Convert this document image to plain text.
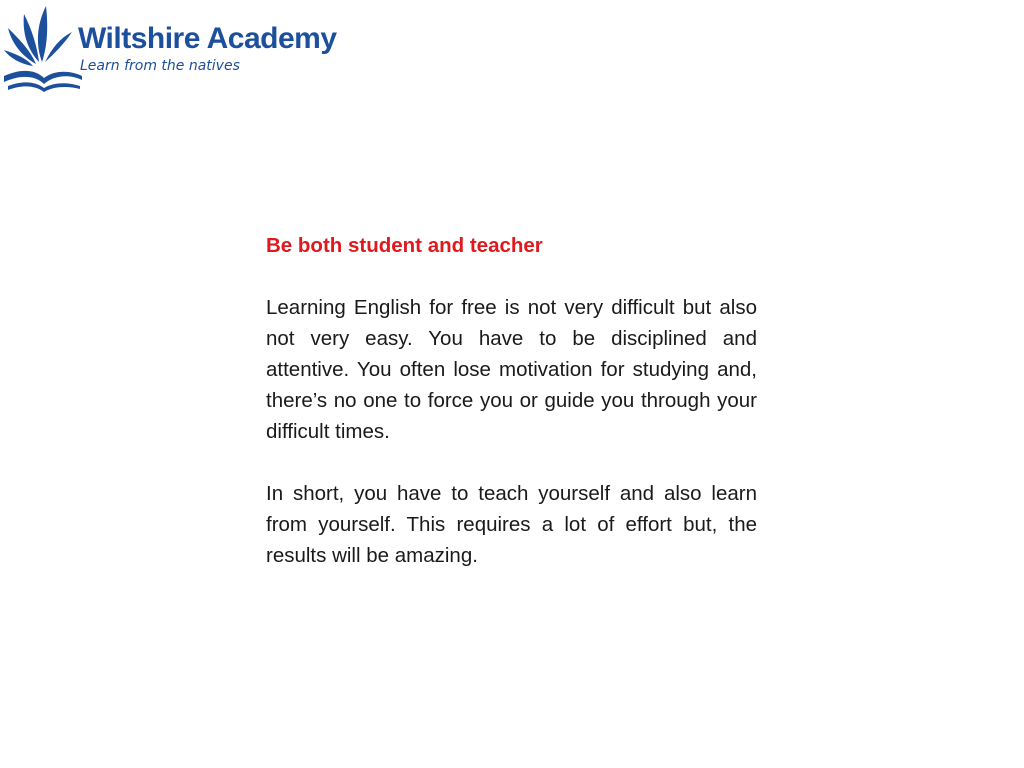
Wiltshire Academy
Learn from the natives

Be both student and teacher

Learning English for free is not very difficult but also not very easy. You have to be disciplined and attentive. You often lose motivation for studying and, there’s no one to force you or guide you through your difficult times.

In short, you have to teach yourself and also learn from yourself. This requires a lot of effort but, the results will be amazing.
